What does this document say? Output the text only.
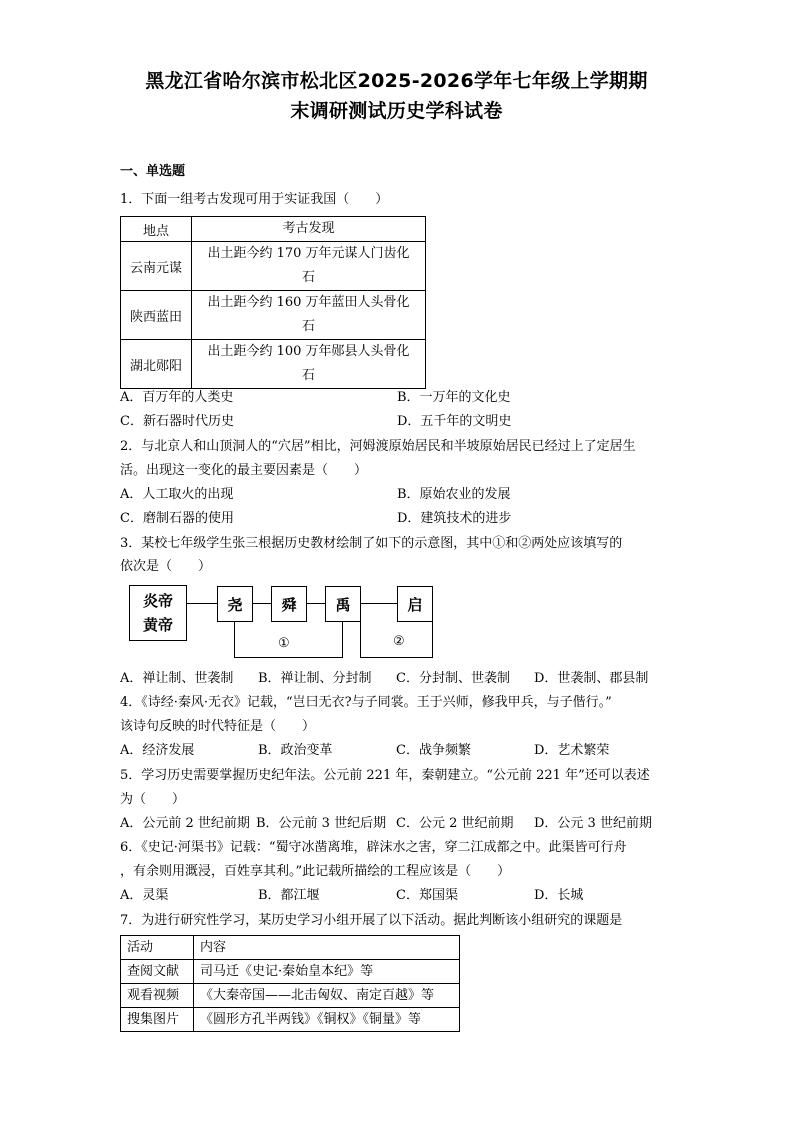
黑龙江省哈尔滨市松北区2025-2026学年七年级上学期期
末调研测试历史学科试卷
一、单选题
1．下面一组考古发现可用于实证我国（　　）
地点	考古发现
云南元谋	出土距今约 170 万年元谋人门齿化
石
陕西蓝田	出土距今约 160 万年蓝田人头骨化
石
湖北郧阳	出土距今约 100 万年郧县人头骨化
石
A．百万年的人类史	B．一万年的文化史
C．新石器时代历史	D．五千年的文明史
2．与北京人和山顶洞人的“穴居”相比，河姆渡原始居民和半坡原始居民已经过上了定居生
活。出现这一变化的最主要因素是（　　）
A．人工取火的出现	B．原始农业的发展
C．磨制石器的使用	D．建筑技术的进步
3．某校七年级学生张三根据历史教材绘制了如下的示意图，其中①和②两处应该填写的
依次是（　　）
炎帝
黄帝
尧	舜	禹	启
①	②
A．禅让制、世袭制 B．禅让制、分封制 C．分封制、世袭制 D．世袭制、郡县制
4．《诗经·秦风·无衣》记载，“岂曰无衣?与子同裳。王于兴师，修我甲兵，与子偕行。”
该诗句反映的时代特征是（　　）
A．经济发展	B．政治变革	C．战争频繁	D．艺术繁荣
5．学习历史需要掌握历史纪年法。公元前 221 年，秦朝建立。“公元前 221 年”还可以表述
为（　　）
A．公元前 2 世纪前期 B．公元前 3 世纪后期 C．公元 2 世纪前期 D．公元 3 世纪前期
6．《史记·河渠书》记载：“蜀守冰凿离堆，辟沫水之害，穿二江成都之中。此渠皆可行舟
，有余则用溉浸，百姓享其利。”此记载所描绘的工程应该是（　　）
A．灵渠	B．都江堰	C．郑国渠	D．长城
7．为进行研究性学习，某历史学习小组开展了以下活动。据此判断该小组研究的课题是
活动	内容
查阅文献	司马迁《史记·秦始皇本纪》等
观看视频	《大秦帝国——北击匈奴、南定百越》等
搜集图片	《圆形方孔半两钱》《铜权》《铜量》等
